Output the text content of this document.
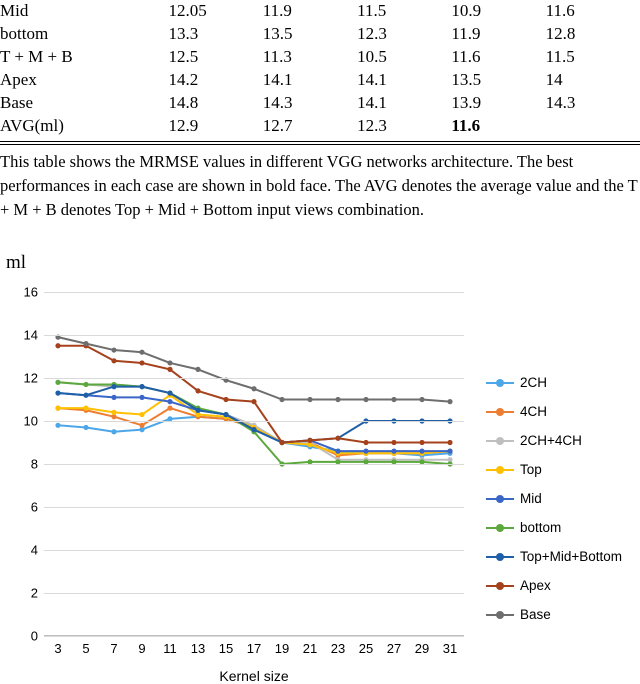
Mid	12.05	11.9	11.5	10.9	11.6
bottom	13.3	13.5	12.3	11.9	12.8
T + M + B	12.5	11.3	10.5	11.6	11.5
Apex	14.2	14.1	14.1	13.5	14
Base	14.8	14.3	14.1	13.9	14.3
AVG(ml)	12.9	12.7	12.3	11.6	
This table shows the MRMSE values in different VGG networks architecture. The best performances in each case are shown in bold face. The AVG denotes the average value and the T + M + B denotes Top + Mid + Bottom input views combination.
ml
0
2
4
6
8
10
12
14
16
3 5 7 9 11 13 15 17 19 21 23 25 27 29 31
Kernel size
2CH
4CH
2CH+4CH
Top
Mid
bottom
Top+Mid+Bottom
Apex
Base
